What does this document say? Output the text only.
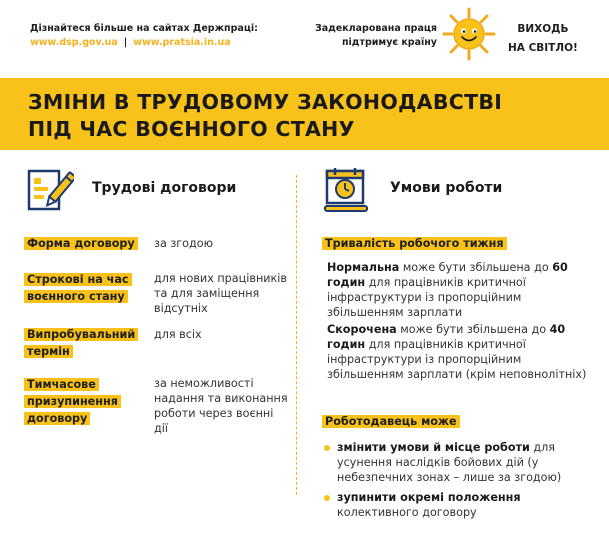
Дізнайтеся більше на сайтах Держпраці:
www.dsp.gov.ua | www.pratsia.in.ua
Задекларована праця
підтримує країну
ВИХОДЬ
НА СВІТЛО!
ЗМІНИ В ТРУДОВОМУ ЗАКОНОДАВСТВІ
ПІД ЧАС ВОЄННОГО СТАНУ
Трудові договори
Форма договору	за згодою
Строкові на час воєнного стану
для нових працівників та для заміщення відсутніх
Випробувальний термін
для всіх
Тимчасове призупинення договору
за неможливості надання та виконання роботи через воєнні дії
Умови роботи
Тривалість робочого тижня
Нормальна може бути збільшена до 60 годин для працівників критичної інфраструктури із пропорційним збільшенням зарплати
Скорочена може бути збільшена до 40 годин для працівників критичної інфраструктури із пропорційним збільшенням зарплати (крім неповнолітніх)
Роботодавець може
змінити умови й місце роботи для усунення наслідків бойових дій (у небезпечних зонах – лише за згодою)
зупинити окремі положення колективного договору
